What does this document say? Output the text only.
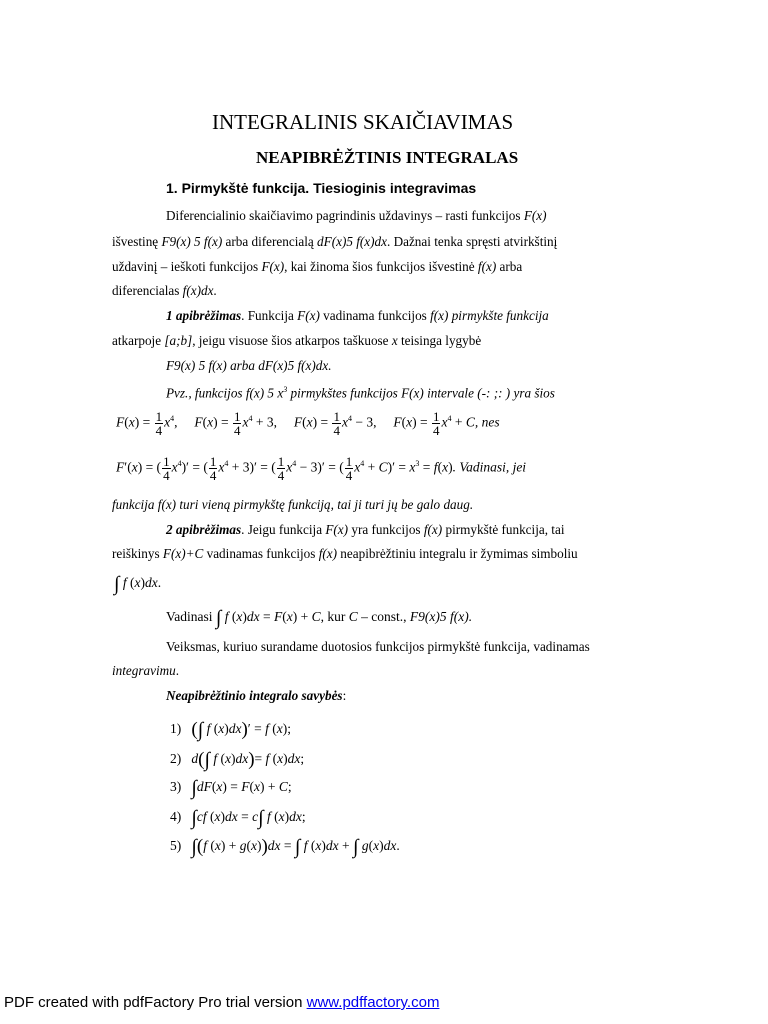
INTEGRALINIS SKAIČIAVIMAS
NEAPIBRĖŽTINIS INTEGRALAS
1. Pirmykštė funkcija. Tiesioginis integravimas
Diferencialinio skaičiavimo pagrindinis uždavinys – rasti funkcijos F(x)
išvestinę F9(x) 5 f(x) arba diferencialą dF(x)5 f(x)dx. Dažnai tenka spręsti atvirkštinį
uždavinį – ieškoti funkcijos F(x), kai žinoma šios funkcijos išvestinė f(x) arba
diferencialas f(x)dx.
1 apibrėžimas. Funkcija F(x) vadinama funkcijos f(x) pirmykšte funkcija
atkarpoje [a;b], jeigu visuose šios atkarpos taškuose x teisinga lygybė
F9(x) 5 f(x) arba dF(x)5 f(x)dx.
Pvz., funkcijos f(x) 5 $x^3$ pirmykštes funkcijos F(x) intervale (-: ;: ) yra šios
$F(x) = \frac{1}{4} x^4$,     $F(x) = \frac{1}{4} x^4 + 3$,     $F(x) = \frac{1}{4} x^4 - 3$,     $F(x) = \frac{1}{4} x^4 + C$, nes
F′(x) = ( $\frac{1}{4} x^4)'$ = ( $\frac{1}{4} x^4 + 3)'$ = ( $\frac{1}{4} x^4 - 3)'$ = ( $\frac{1}{4} x^4 + C)' = x^3 = f(x)$. Vadinasi, jei
funkcija f(x) turi vieną pirmykštę funkciją, tai ji turi jų be galo daug.
2 apibrėžimas. Jeigu funkcija F(x) yra funkcijos f(x) pirmykštė funkcija, tai
reiškinys F(x)+C vadinamas funkcijos f(x) neapibrėžtiniu integralu ir žymimas simboliu
∫ f (x)dx.
Vadinasi ∫ f (x)dx = F(x) + C, kur C – const., F9(x)5 f(x).
Veiksmas, kuriuo surandame duotosios funkcijos pirmykštė funkcija, vadinamas
integravimu.
Neapibrėžtinio integralo savybės:
1) (∫ f (x)dx)′ = f (x);
2) d(∫ f (x)dx)= f (x)dx;
3) ∫dF(x) = F(x) + C;
4) ∫cf (x)dx = c∫ f (x)dx;
5) ∫(f (x) + g(x))dx = ∫ f (x)dx + ∫ g(x)dx.
PDF created with pdfFactory Pro trial version www.pdffactory.com
